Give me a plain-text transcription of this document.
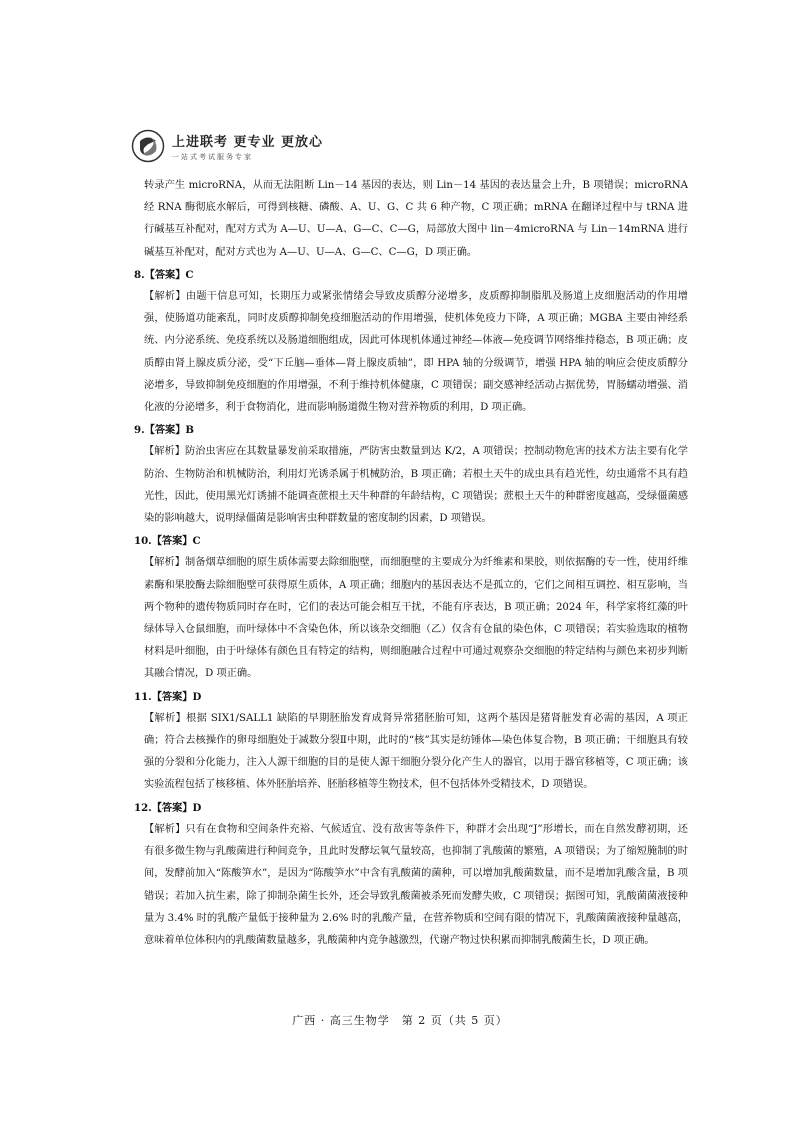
上进联考 更专业 更放心
一站式考试服务专家

转录产生 microRNA，从而无法阻断 Lin－14 基因的表达，则 Lin－14 基因的表达量会上升，B 项错误；microRNA 经 RNA 酶彻底水解后，可得到核糖、磷酸、A、U、G、C 共 6 种产物，C 项正确；mRNA 在翻译过程中与 tRNA 进行碱基互补配对，配对方式为 A—U、U—A、G—C、C—G，局部放大图中 lin－4microRNA 与 Lin－14mRNA 进行碱基互补配对，配对方式也为 A—U、U—A、G—C、C—G，D 项正确。

8.【答案】C

【解析】由题干信息可知，长期压力或紧张情绪会导致皮质醇分泌增多，皮质醇抑制脂肌及肠道上皮细胞活动的作用增强，使肠道功能紊乱，同时皮质醇抑制免疫细胞活动的作用增强，使机体免疫力下降，A 项正确；MGBA 主要由神经系统、内分泌系统、免疫系统以及肠道细胞组成，因此可体现机体通过神经—体液—免疫调节网络维持稳态，B 项正确；皮质醇由肾上腺皮质分泌，受“下丘脑—垂体—肾上腺皮质轴”，即 HPA 轴的分级调节，增强 HPA 轴的响应会使皮质醇分泌增多，导致抑制免疫细胞的作用增强，不利于维持机体健康，C 项错误；副交感神经活动占据优势，胃肠蠕动增强、消化液的分泌增多，利于食物消化，进而影响肠道微生物对营养物质的利用，D 项正确。

9.【答案】B

【解析】防治虫害应在其数量暴发前采取措施，严防害虫数量到达 K/2，A 项错误；控制动物危害的技术方法主要有化学防治、生物防治和机械防治，利用灯光诱杀属于机械防治，B 项正确；若根土天牛的成虫具有趋光性，幼虫通常不具有趋光性，因此，使用黑光灯诱捕不能调查蔗根土天牛种群的年龄结构，C 项错误；蔗根土天牛的种群密度越高，受绿僵菌感染的影响越大，说明绿僵菌是影响害虫种群数量的密度制约因素，D 项错误。

10.【答案】C

【解析】制备烟草细胞的原生质体需要去除细胞壁，而细胞壁的主要成分为纤维素和果胶，则依据酶的专一性，使用纤维素酶和果胶酶去除细胞壁可获得原生质体，A 项正确；细胞内的基因表达不是孤立的，它们之间相互调控、相互影响，当两个物种的遗传物质同时存在时，它们的表达可能会相互干扰，不能有序表达，B 项正确；2024 年，科学家将红藻的叶绿体导入仓鼠细胞，而叶绿体中不含染色体，所以该杂交细胞（乙）仅含有仓鼠的染色体，C 项错误；若实验选取的植物材料是叶细胞，由于叶绿体有颜色且有特定的结构，则细胞融合过程中可通过观察杂交细胞的特定结构与颜色来初步判断其融合情况，D 项正确。

11.【答案】D

【解析】根据 SIX1/SALL1 缺陷的早期胚胎发育成肾异常猪胚胎可知，这两个基因是猪肾脏发育必需的基因，A 项正确；符合去核操作的卵母细胞处于减数分裂Ⅱ中期，此时的“核”其实是纺锤体—染色体复合物，B 项正确；干细胞具有较强的分裂和分化能力，注入人源干细胞的目的是使人源干细胞分裂分化产生人的器官，以用于器官移植等，C 项正确；该实验流程包括了核移植、体外胚胎培养、胚胎移植等生物技术，但不包括体外受精技术，D 项错误。

12.【答案】D

【解析】只有在食物和空间条件充裕、气候适宜、没有敌害等条件下，种群才会出现“J”形增长，而在自然发酵初期，还有很多微生物与乳酸菌进行种间竞争，且此时发酵坛氧气量较高，也抑制了乳酸菌的繁殖，A 项错误；为了缩短腌制的时间，发酵前加入“陈酸笋水”，是因为“陈酸笋水”中含有乳酸菌的菌种，可以增加乳酸菌数量，而不是增加乳酸含量，B 项错误；若加入抗生素，除了抑制杂菌生长外，还会导致乳酸菌被杀死而发酵失败，C 项错误；据图可知，乳酸菌菌液接种量为 3.4% 时的乳酸产量低于接种量为 2.6% 时的乳酸产量，在营养物质和空间有限的情况下，乳酸菌菌液接种量越高，意味着单位体积内的乳酸菌数量越多，乳酸菌种内竞争越激烈，代谢产物过快积累而抑制乳酸菌生长，D 项正确。

广西 · 高三生物学　第 2 页（共 5 页）
